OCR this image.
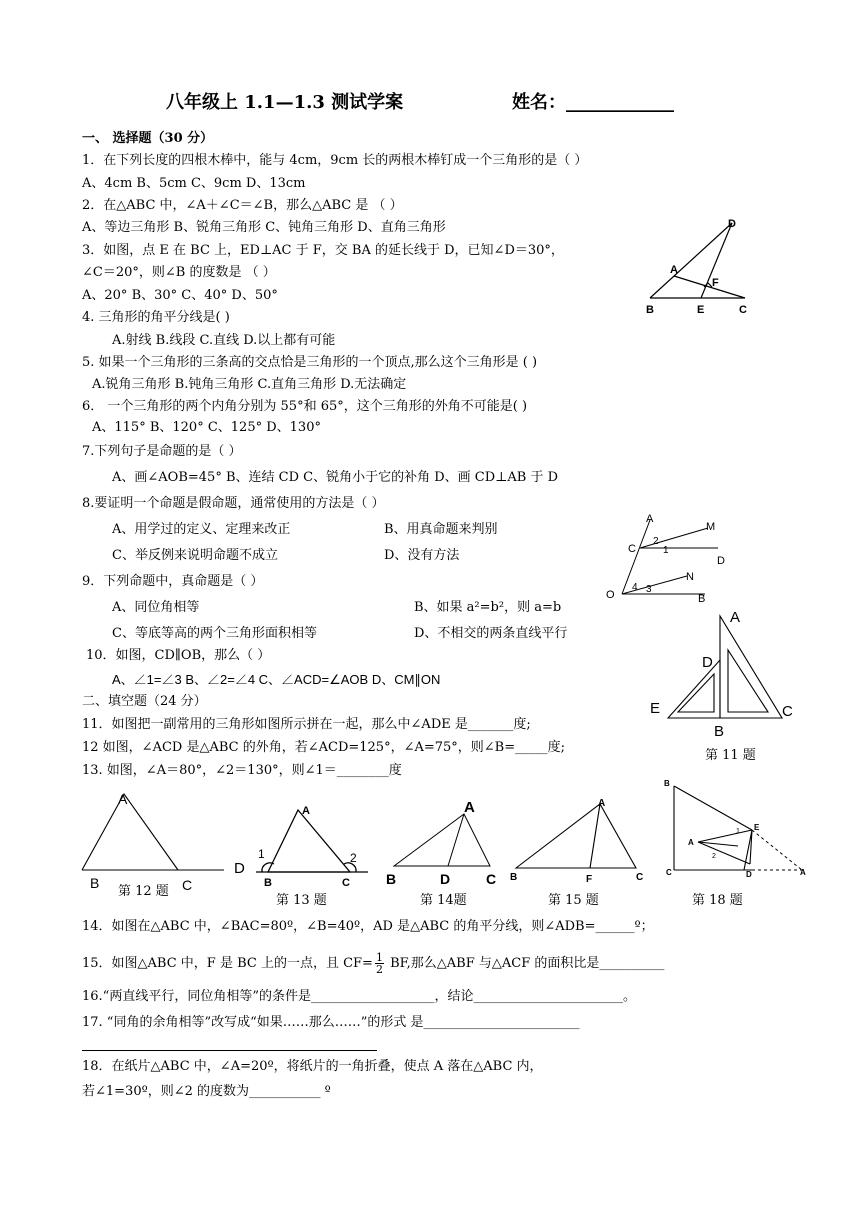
八年级上 1.1—1.3 测试学案	姓名：____________
一、 选择题（30 分）
1．在下列长度的四根木棒中，能与 4cm，9cm 长的两根木棒钉成一个三角形的是（ ）
A、4cm B、5cm C、9cm D、13cm
2．在△ABC 中，∠A＋∠C＝∠B，那么△ABC 是 （ ）
A、等边三角形 B、锐角三角形 C、钝角三角形 D、直角三角形
3．如图，点 E 在 BC 上，ED⊥AC 于 F，交 BA 的延长线于 D，已知∠D＝30°，
∠C＝20°，则∠B 的度数是 （ ）
A、20° B、30° C、40° D、50°
4. 三角形的角平分线是( )
A.射线 B.线段 C.直线 D.以上都有可能
5. 如果一个三角形的三条高的交点恰是三角形的一个顶点,那么这个三角形是 ( )
A.锐角三角形 B.钝角三角形 C.直角三角形 D.无法确定
6． 一个三角形的两个内角分别为 55°和 65°，这个三角形的外角不可能是( )
A、115° B、120° C、125° D、130°
7.下列句子是命题的是（ ）
A、画∠AOB=45° B、连结 CD C、锐角小于它的补角 D、画 CD⊥AB 于 D
8.要证明一个命题是假命题，通常使用的方法是（ ）
A、用学过的定义、定理来改正	B、用真命题来判别
C、举反例来说明命题不成立	D、没有方法
9．下列命题中，真命题是（ ）
A、同位角相等	B、如果 a²=b²，则 a=b
C、等底等高的两个三角形面积相等	D、不相交的两条直线平行
10．如图，CD∥OB，那么（ ）
A、∠1=∠3 B、∠2=∠4 C、∠ACD=∠AOB D、CM∥ON
二、填空题（24 分）
11．如图把一副常用的三角形如图所示拼在一起，那么中∠ADE 是_______度;
12 如图，∠ACD 是△ABC 的外角，若∠ACD=125°，∠A=75°，则∠B=_____度;
13. 如图，∠A＝80°，∠2＝130°，则∠1＝________度
14．如图在△ABC 中，∠BAC=80º，∠B=40º，AD 是△ABC 的角平分线，则∠ADB=______º；
15．如图△ABC 中，F 是 BC 上的一点，且 $CF= \frac{1}{2}$ BF,那么△ABF 与△ACF 的面积比是__________
16.“两直线平行，同位角相等”的条件是___________________，结论_______________________。
17. “同角的余角相等”改写成“如果……那么……”的形式 是________________________
18．在纸片△ABC 中，∠A=20º，将纸片的一角折叠，使点 A 落在△ABC 内，
若∠1=30º，则∠2 的度数为___________ º
D
A
F
B	E	C
A
M
C
2
1
D
N
O
4 3
B
A
D
E	C
B
第 11 题
A
B	C
第 12 题
A
D
1	2
B	C
第 13 题
A
B	D	C
第 14题
A
B	F	C
第 15 题
B
E
A
1
2
C	D	A
第 18 题
